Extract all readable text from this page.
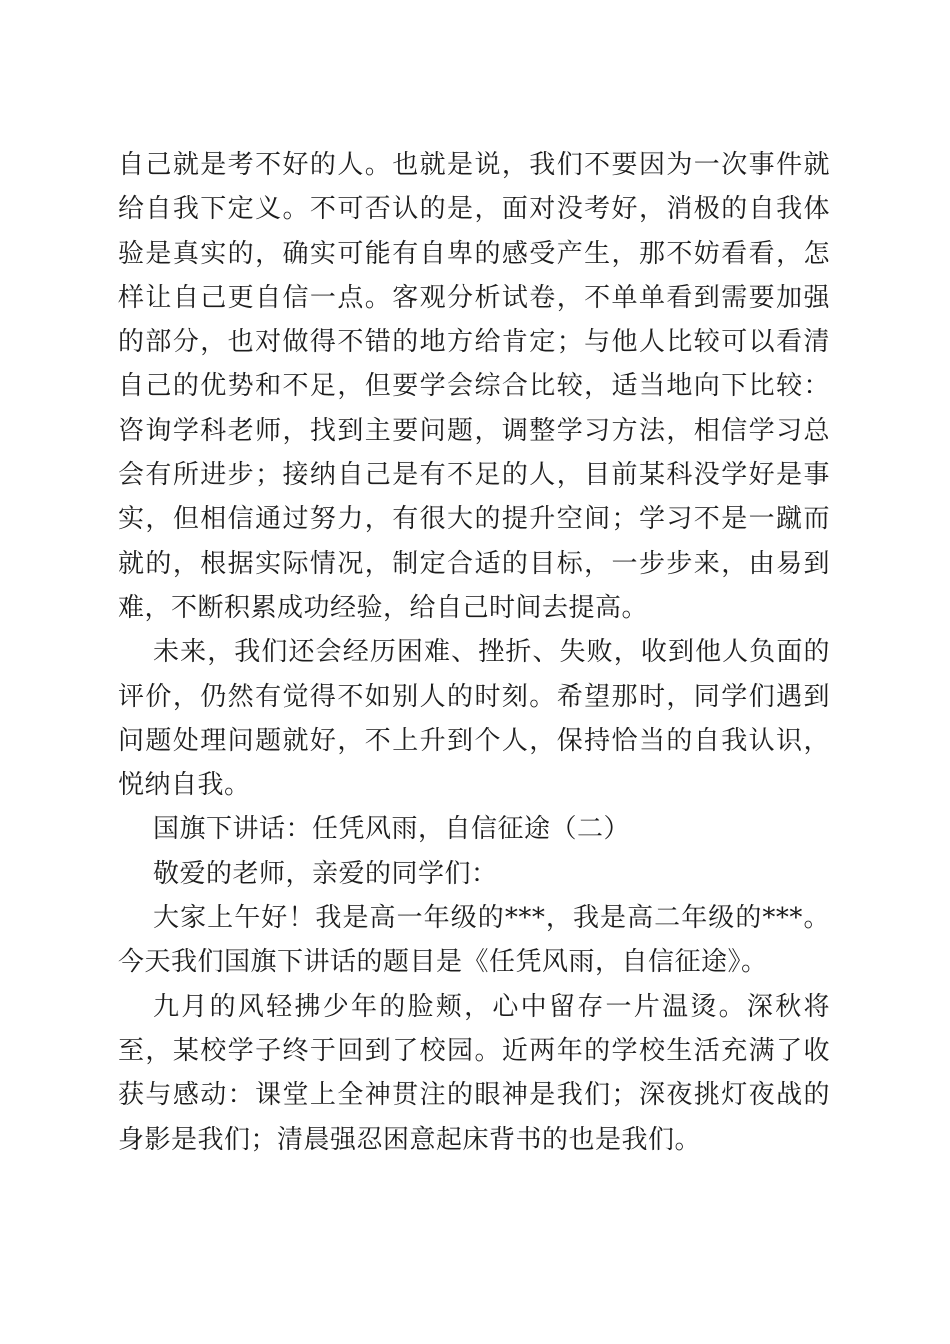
自己就是考不好的人。也就是说，我们不要因为一次事件就给自我下定义。不可否认的是，面对没考好，消极的自我体验是真实的，确实可能有自卑的感受产生，那不妨看看，怎样让自己更自信一点。客观分析试卷，不单单看到需要加强的部分，也对做得不错的地方给肯定；与他人比较可以看清自己的优势和不足，但要学会综合比较，适当地向下比较：咨询学科老师，找到主要问题，调整学习方法，相信学习总会有所进步；接纳自己是有不足的人，目前某科没学好是事实，但相信通过努力，有很大的提升空间；学习不是一蹴而就的，根据实际情况，制定合适的目标，一步步来，由易到难，不断积累成功经验，给自己时间去提高。

未来，我们还会经历困难、挫折、失败，收到他人负面的评价，仍然有觉得不如别人的时刻。希望那时，同学们遇到问题处理问题就好，不上升到个人，保持恰当的自我认识，悦纳自我。

国旗下讲话：任凭风雨，自信征途（二）

敬爱的老师，亲爱的同学们：

大家上午好！我是高一年级的***，我是高二年级的***。今天我们国旗下讲话的题目是《任凭风雨，自信征途》。

九月的风轻拂少年的脸颊，心中留存一片温烫。深秋将至，某校学子终于回到了校园。近两年的学校生活充满了收获与感动：课堂上全神贯注的眼神是我们；深夜挑灯夜战的身影是我们；清晨强忍困意起床背书的也是我们。
